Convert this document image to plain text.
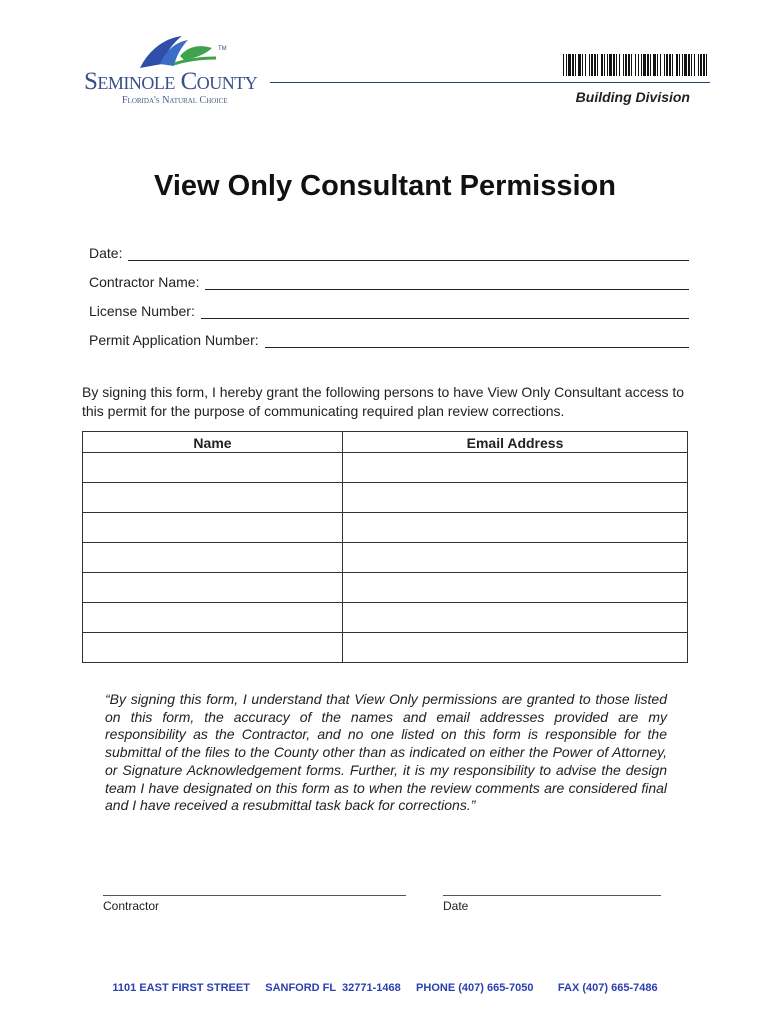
TM
Seminole County
Florida's Natural Choice	Building Division
View Only Consultant Permission
Date:
Contractor Name:
License Number:
Permit Application Number:

By signing this form, I hereby grant the following persons to have View Only Consultant access to this permit for the purpose of communicating required plan review corrections.

Name	Email Address

“By signing this form, I understand that View Only permissions are granted to those listed on this form, the accuracy of the names and email addresses provided are my responsibility as the Contractor, and no one listed on this form is responsible for the submittal of the files to the County other than as indicated on either the Power of Attorney, or Signature Acknowledgement forms. Further, it is my responsibility to advise the design team I have designated on this form as to when the review comments are considered final and I have received a resubmittal task back for corrections.”

Contractor	Date
1101 EAST FIRST STREET SANFORD FL  32771-1468 PHONE (407) 665-7050 FAX (407) 665-7486
